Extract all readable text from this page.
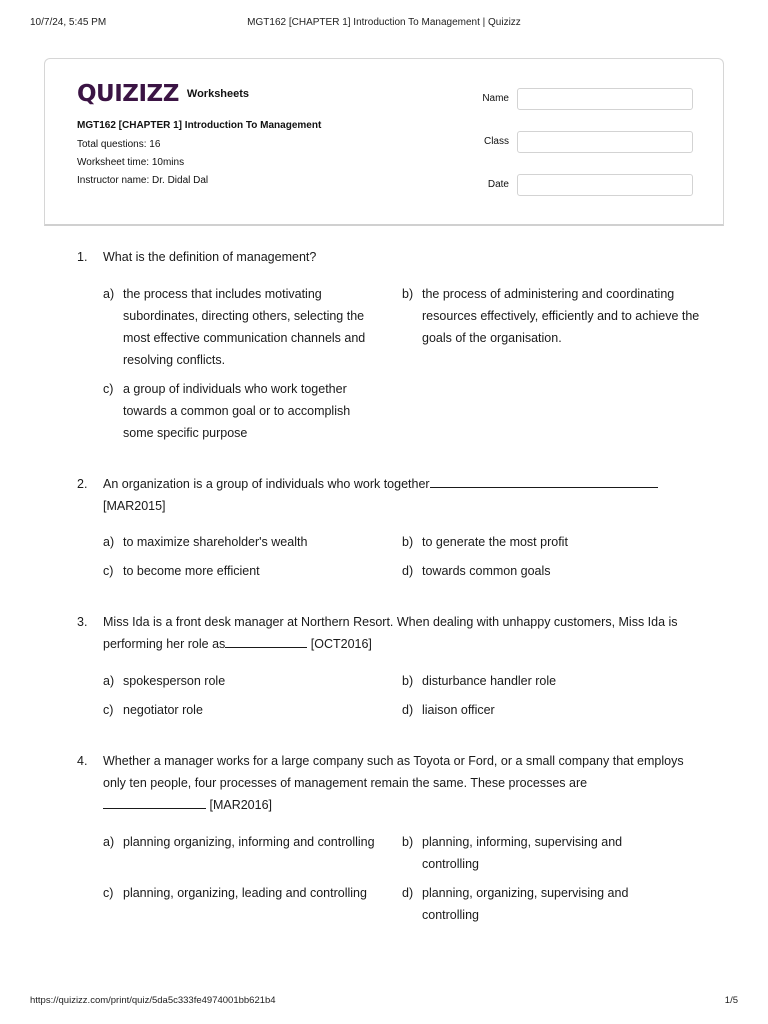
10/7/24, 5:45 PM	MGT162 [CHAPTER 1] Introduction To Management | Quizizz
QUIZIZZ Worksheets
MGT162 [CHAPTER 1] Introduction To Management
Total questions: 16
Worksheet time: 10mins
Instructor name: Dr. Didal Dal
Name
Class
Date
1. What is the definition of management?
a) the process that includes motivating subordinates, directing others, selecting the most effective communication channels and resolving conflicts.
b) the process of administering and coordinating resources effectively, efficiently and to achieve the goals of the organisation.
c) a group of individuals who work together towards a common goal or to accomplish some specific purpose
2. An organization is a group of individuals who work together
[MAR2015]
a) to maximize shareholder's wealth	b) to generate the most profit
c) to become more efficient	d) towards common goals
3. Miss Ida is a front desk manager at Northern Resort. When dealing with unhappy customers, Miss Ida is performing her role as	[OCT2016]
a) spokesperson role	b) disturbance handler role
c) negotiator role	d) liaison officer
4. Whether a manager works for a large company such as Toyota or Ford, or a small company that employs only ten people, four processes of management remain the same. These processes are
[MAR2016]
a) planning organizing, informing and controlling	b) planning, informing, supervising and controlling
c) planning, organizing, leading and controlling	d) planning, organizing, supervising and controlling
https://quizizz.com/print/quiz/5da5c333fe4974001bb621b4	1/5
